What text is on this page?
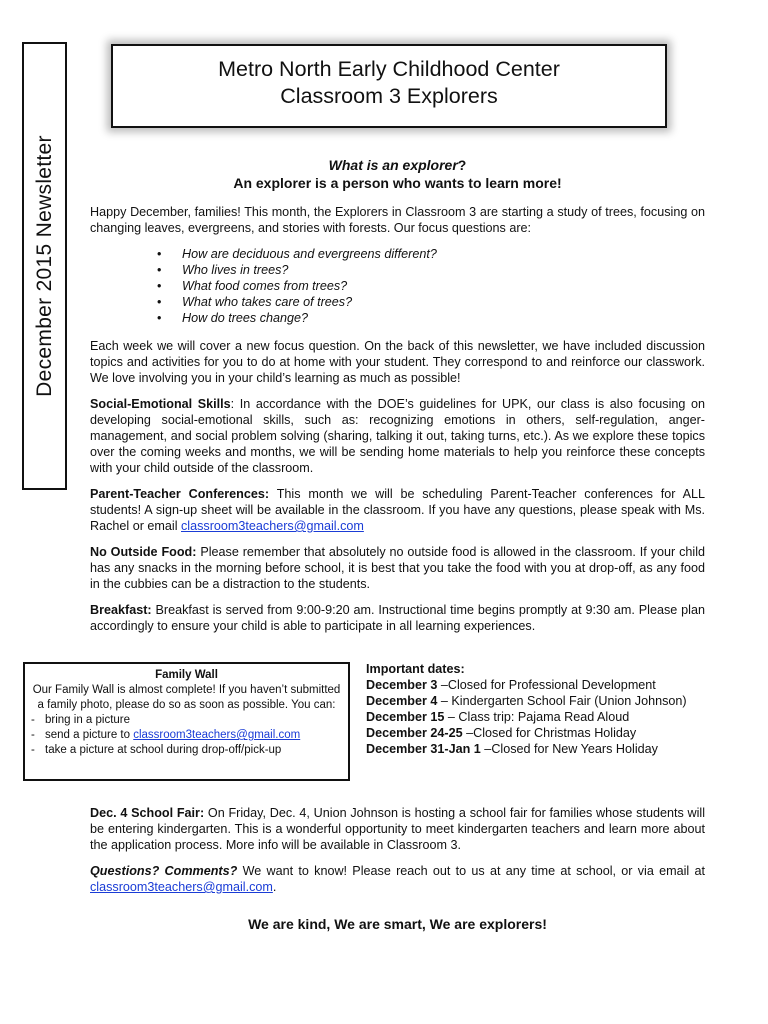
December 2015 Newsletter
Metro North Early Childhood Center
Classroom 3 Explorers
What is an explorer?
An explorer is a person who wants to learn more!
Happy December, families! This month, the Explorers in Classroom 3 are starting a study of trees, focusing on changing leaves, evergreens, and stories with forests. Our focus questions are:
• How are deciduous and evergreens different?
• Who lives in trees?
• What food comes from trees?
• What who takes care of trees?
• How do trees change?
Each week we will cover a new focus question. On the back of this newsletter, we have included discussion topics and activities for you to do at home with your student. They correspond to and reinforce our classwork. We love involving you in your child’s learning as much as possible!
Social-Emotional Skills: In accordance with the DOE’s guidelines for UPK, our class is also focusing on developing social-emotional skills, such as: recognizing emotions in others, self-regulation, anger-management, and social problem solving (sharing, talking it out, taking turns, etc.). As we explore these topics over the coming weeks and months, we will be sending home materials to help you reinforce these concepts with your child outside of the classroom.
Parent-Teacher Conferences: This month we will be scheduling Parent-Teacher conferences for ALL students! A sign-up sheet will be available in the classroom. If you have any questions, please speak with Ms. Rachel or email classroom3teachers@gmail.com
No Outside Food: Please remember that absolutely no outside food is allowed in the classroom. If your child has any snacks in the morning before school, it is best that you take the food with you at drop-off, as any food in the cubbies can be a distraction to the students.
Breakfast: Breakfast is served from 9:00-9:20 am. Instructional time begins promptly at 9:30 am. Please plan accordingly to ensure your child is able to participate in all learning experiences.
Family Wall
Our Family Wall is almost complete! If you haven’t submitted a family photo, please do so as soon as possible. You can:
- bring in a picture
- send a picture to classroom3teachers@gmail.com
- take a picture at school during drop-off/pick-up
Important dates:
December 3 –Closed for Professional Development
December 4 – Kindergarten School Fair (Union Johnson)
December 15 – Class trip: Pajama Read Aloud
December 24-25 –Closed for Christmas Holiday
December 31-Jan 1 –Closed for New Years Holiday
Dec. 4 School Fair: On Friday, Dec. 4, Union Johnson is hosting a school fair for families whose students will be entering kindergarten. This is a wonderful opportunity to meet kindergarten teachers and learn more about the application process. More info will be available in Classroom 3.
Questions? Comments? We want to know! Please reach out to us at any time at school, or via email at classroom3teachers@gmail.com.
We are kind, We are smart, We are explorers!
